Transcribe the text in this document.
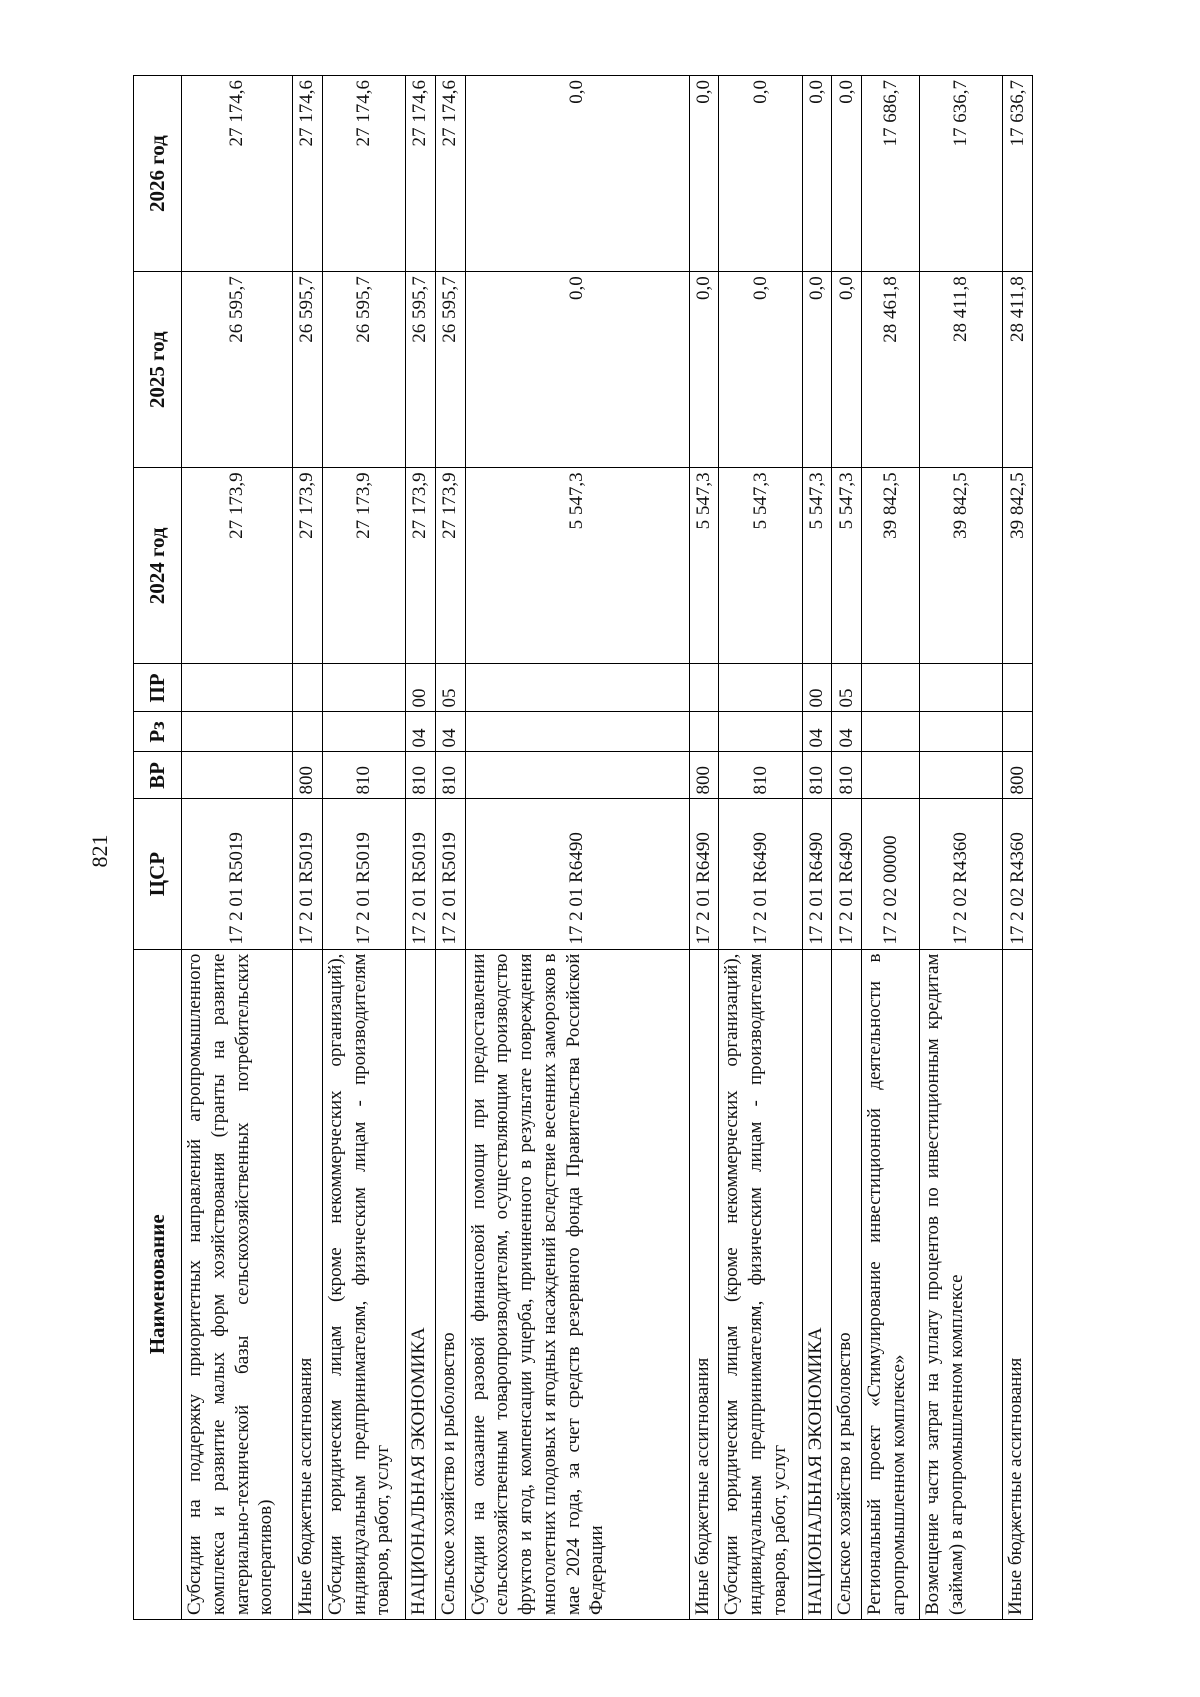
821
Наименование	ЦСР	ВР	Рз	ПР	2024 год	2025 год	2026 год
Субсидии на поддержку приоритетных направлений агропромышленного комплекса и развитие малых форм хозяйствования (гранты на развитие материально-технической базы сельскохозяйственных потребительских кооперативов)	17 2 01 R5019				27 173,9	26 595,7	27 174,6
Иные бюджетные ассигнования	17 2 01 R5019	800			27 173,9	26 595,7	27 174,6
Субсидии юридическим лицам (кроме некоммерческих организаций), индивидуальным предпринимателям, физическим лицам - производителям товаров, работ, услуг	17 2 01 R5019	810			27 173,9	26 595,7	27 174,6
НАЦИОНАЛЬНАЯ ЭКОНОМИКА	17 2 01 R5019	810	04	00	27 173,9	26 595,7	27 174,6
Сельское хозяйство и рыболовство	17 2 01 R5019	810	04	05	27 173,9	26 595,7	27 174,6
Субсидии на оказание разовой финансовой помощи при предоставлении сельскохозяйственным товаропроизводителям, осуществляющим производство фруктов и ягод, компенсации ущерба, причиненного в результате повреждения многолетних плодовых и ягодных насаждений вследствие весенних заморозков в мае 2024 года, за счет средств резервного фонда Правительства Российской Федерации	17 2 01 R6490				5 547,3	0,0	0,0
Иные бюджетные ассигнования	17 2 01 R6490	800			5 547,3	0,0	0,0
Субсидии юридическим лицам (кроме некоммерческих организаций), индивидуальным предпринимателям, физическим лицам - производителям товаров, работ, услуг	17 2 01 R6490	810			5 547,3	0,0	0,0
НАЦИОНАЛЬНАЯ ЭКОНОМИКА	17 2 01 R6490	810	04	00	5 547,3	0,0	0,0
Сельское хозяйство и рыболовство	17 2 01 R6490	810	04	05	5 547,3	0,0	0,0
Региональный проект «Стимулирование инвестиционной деятельности в агропромышленном комплексе»	17 2 02 00000				39 842,5	28 461,8	17 686,7
Возмещение части затрат на уплату процентов по инвестиционным кредитам (займам) в агропромышленном комплексе	17 2 02 R4360				39 842,5	28 411,8	17 636,7
Иные бюджетные ассигнования	17 2 02 R4360	800			39 842,5	28 411,8	17 636,7
